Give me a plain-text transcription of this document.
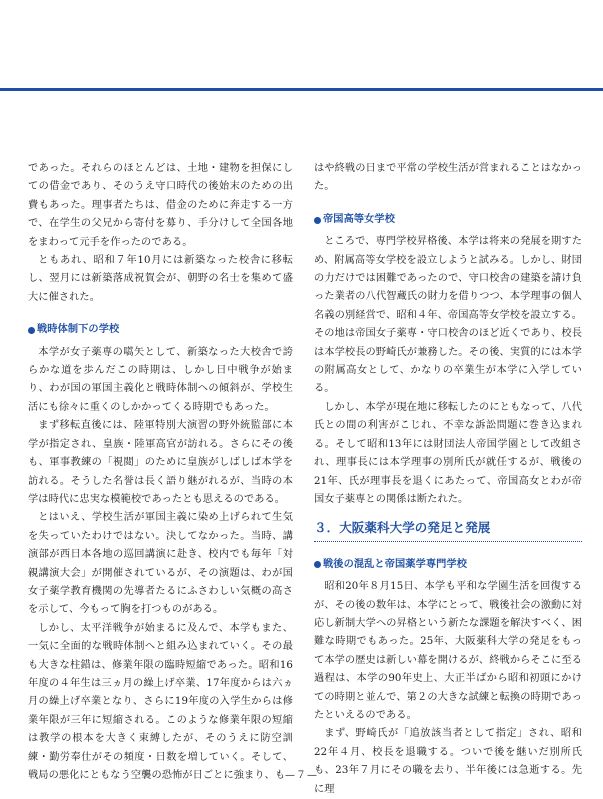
であった。それらのほとんどは、土地・建物を担保にしての借金であり、そのうえ守口時代の後始末のための出費もあった。理事者たちは、借金のために奔走する一方で、在学生の父兄から寄付を募り、手分けして全国各地をまわって元手を作ったのである。

ともあれ、昭和７年10月には新築なった校舎に移転し、翌月には新築落成祝賀会が、朝野の名士を集めて盛大に催された。

戦時体制下の学校

本学が女子薬専の嚆矢として、新築なった大校舎で誇らかな道を歩んだこの時期は、しかし日中戦争が始まり、わが国の軍国主義化と戦時体制への傾斜が、学校生活にも徐々に重くのしかかってくる時期でもあった。

まず移転直後には、陸軍特別大演習の野外統監部に本学が指定され、皇族・陸軍高官が訪れる。さらにその後も、軍事教練の「視閲」のために皇族がしばしば本学を訪れる。そうした名誉は長く語り継がれるが、当時の本学は時代に忠実な模範校であったとも思えるのである。

とはいえ、学校生活が軍国主義に染め上げられて生気を失っていたわけではない。決してなかった。当時、講演部が西日本各地の巡回講演に赴き、校内でも毎年「対親講演大会」が開催されているが、その演題は、わが国女子薬学教育機関の先導者たるにふさわしい気概の高さを示して、今もって胸を打つものがある。

しかし、太平洋戦争が始まるに及んで、本学もまた、一気に全面的な戦時体制へと組み込まれていく。その最も大きな柱錯は、修業年限の臨時短縮であった。昭和16年度の４年生は三ヵ月の繰上げ卒業、17年度からは六ヵ月の繰上げ卒業となり、さらに19年度の入学生からは修業年限が三年に短縮される。このような修業年限の短縮は教学の根本を大きく束縛したが、そのうえに防空訓練・勤労奉仕がその頻度・日数を増していく。そして、戦局の悪化にともなう空襲の恐怖が日ごとに強まり、も

はや終戦の日まで平常の学校生活が営まれることはなかった。

帝国高等女学校

ところで、専門学校昇格後、本学は将来の発展を期すため、附属高等女学校を設立しようと試みる。しかし、財団の力だけでは困難であったので、守口校舎の建築を請け負った業者の八代智蔵氏の財力を借りつつ、本学理事の個人名義の別経営で、昭和４年、帝国高等女学校を設立する。その地は帝国女子薬専・守口校舎のほど近くであり、校長は本学校長の野崎氏が兼務した。その後、実質的には本学の附属高女として、かなりの卒業生が本学に入学している。

しかし、本学が現在地に移転したのにともなって、八代氏との間の利害がこじれ、不幸な訴訟問題に巻き込まれる。そして昭和13年には財団法人帝国学園として改組され、理事長には本学理事の別所氏が就任するが、戦後の21年、氏が理事長を退くにあたって、帝国高女とわが帝国女子薬専との関係は断たれた。

３．大阪薬科大学の発足と発展
戦後の混乱と帝国薬学専門学校

昭和20年８月15日、本学も平和な学園生活を回復するが、その後の数年は、本学にとって、戦後社会の激動に対応し新制大学への昇格という新たな課題を解決すべく、困難な時期でもあった。25年、大阪薬科大学の発足をもって本学の歴史は新しい幕を開けるが、終戦からそこに至る過程は、本学の90年史上、大正半ばから昭和初頭にかけての時期と並んで、第２の大きな試練と転換の時期であったといえるのである。

まず、野崎氏が「追放該当者として指定」され、昭和22年４月、校長を退職する。ついで後を継いだ別所氏も、23年７月にその職を去り、半年後には急逝する。先に理

—７—
